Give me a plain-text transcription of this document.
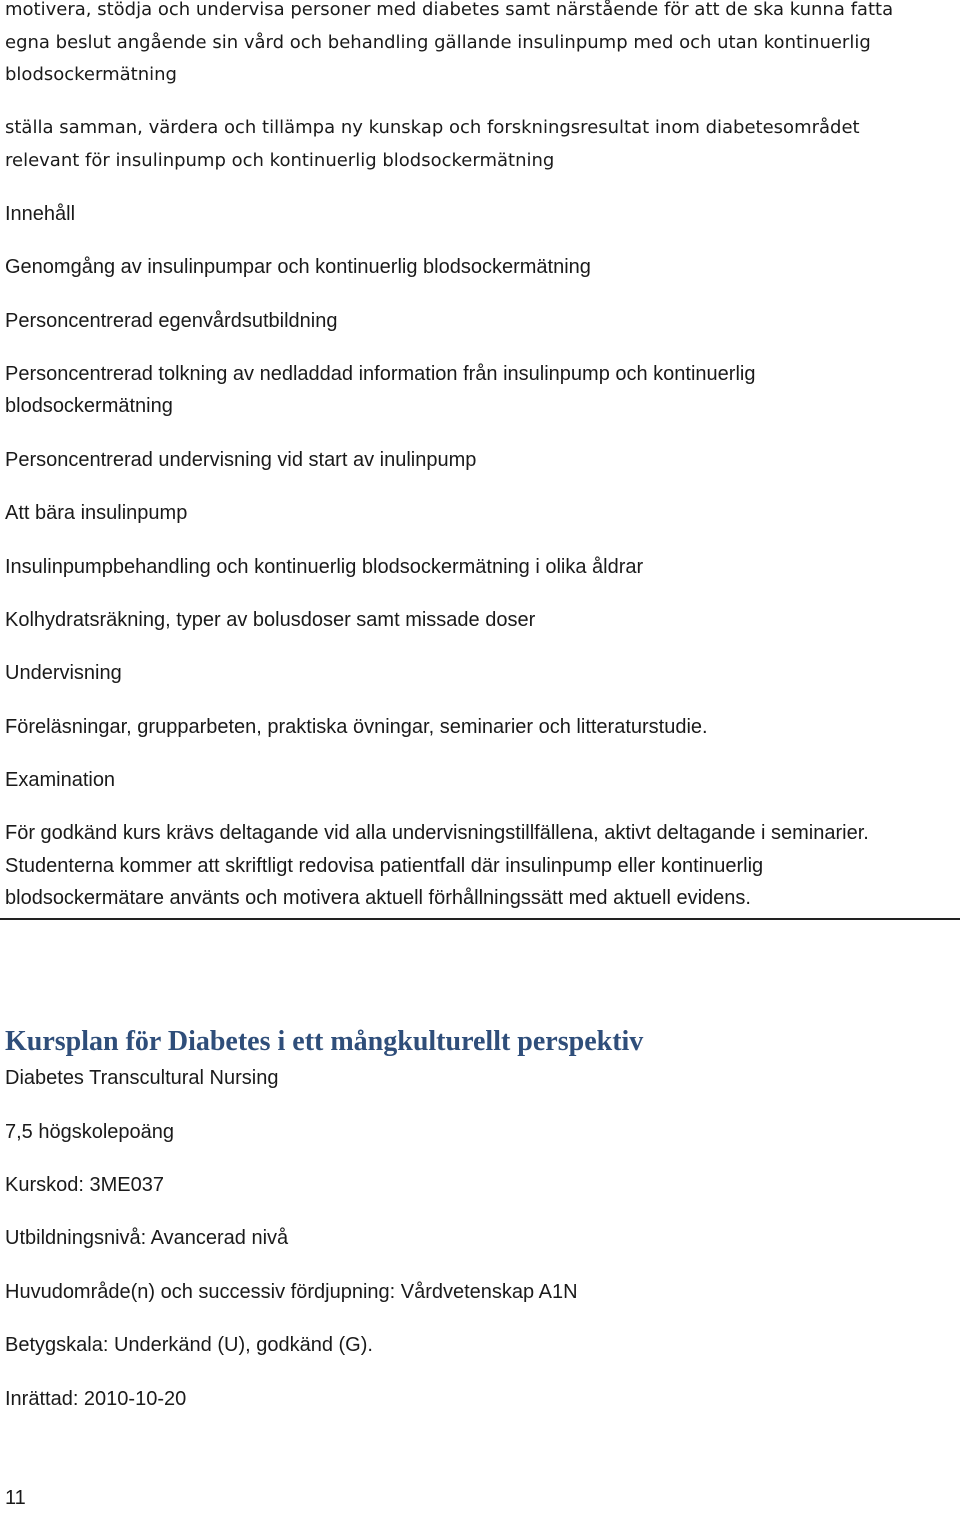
motivera, stödja och undervisa personer med diabetes samt närstående för att de ska kunna fatta
egna beslut angående sin vård och behandling gällande insulinpump med och utan kontinuerlig
blodsockermätning
ställa samman, värdera och tillämpa ny kunskap och forskningsresultat inom diabetesområdet
relevant för insulinpump och kontinuerlig blodsockermätning
Innehåll
Genomgång av insulinpumpar och kontinuerlig blodsockermätning
Personcentrerad egenvårdsutbildning
Personcentrerad tolkning av nedladdad information från insulinpump och kontinuerlig
blodsockermätning
Personcentrerad undervisning vid start av inulinpump
Att bära insulinpump
Insulinpumpbehandling och kontinuerlig blodsockermätning i olika åldrar
Kolhydratsräkning, typer av bolusdoser samt missade doser
Undervisning
Föreläsningar, grupparbeten, praktiska övningar, seminarier och litteraturstudie.
Examination
För godkänd kurs krävs deltagande vid alla undervisningstillfällena, aktivt deltagande i seminarier.
Studenterna kommer att skriftligt redovisa patientfall där insulinpump eller kontinuerlig
blodsockermätare använts och motivera aktuell förhållningssätt med aktuell evidens.
Kursplan för Diabetes i ett mångkulturellt perspektiv
Diabetes Transcultural Nursing
7,5 högskolepoäng
Kurskod: 3ME037
Utbildningsnivå: Avancerad nivå
Huvudområde(n) och successiv fördjupning: Vårdvetenskap A1N
Betygskala: Underkänd (U), godkänd (G).
Inrättad: 2010-10-20
11
